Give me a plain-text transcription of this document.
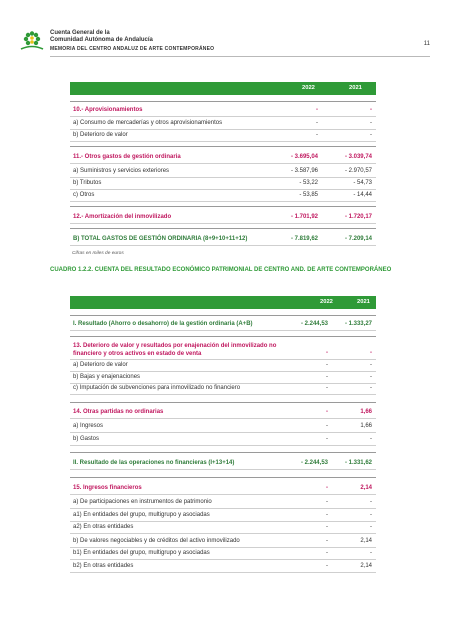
Cuenta General de la
Comunidad Autónoma de Andalucía
11
MEMORIA DEL CENTRO ANDALUZ DE ARTE CONTEMPORÁNEO
2022	2021
10.- Aprovisionamientos	-	-
a) Consumo de mercaderías y otros aprovisionamientos	-	-
b) Deterioro de valor	-	-
11.- Otros gastos de gestión ordinaria	- 3.695,04	- 3.039,74
a) Suministros y servicios exteriores	- 3.587,96	- 2.970,57
b) Tributos	- 53,22	- 54,73
c) Otros	- 53,85	- 14,44
12.- Amortización del inmovilizado	- 1.701,92	- 1.720,17
B) TOTAL GASTOS DE GESTIÓN ORDINARIA (8+9+10+11+12)	- 7.819,62	- 7.209,14
Cifras en miles de euros
CUADRO 1.2.2. CUENTA DEL RESULTADO ECONÓMICO PATRIMONIAL DE CENTRO AND. DE ARTE CONTEMPORÁNEO
2022	2021
I. Resultado (Ahorro o desahorro) de la gestión ordinaria (A+B)	- 2.244,53	- 1.333,27
13. Deterioro de valor y resultados por enajenación del inmovilizado no
financiero y otros activos en estado de venta	-	-
a) Deterioro de valor	-	-
b) Bajas y enajenaciones	-	-
c) Imputación de subvenciones para inmovilizado no financiero	-	-
14. Otras partidas no ordinarias	-	1,66
a) Ingresos	-	1,66
b) Gastos	-	-
II. Resultado de las operaciones no financieras (I+13+14)	- 2.244,53	- 1.331,62
15. Ingresos financieros	-	2,14
a) De participaciones en instrumentos de patrimonio	-	-
a1) En entidades del grupo, multigrupo y asociadas	-	-
a2) En otras entidades	-	-
b) De valores negociables y de créditos del activo inmovilizado	-	2,14
b1) En entidades del grupo, multigrupo y asociadas	-	-
b2) En otras entidades	-	2,14
